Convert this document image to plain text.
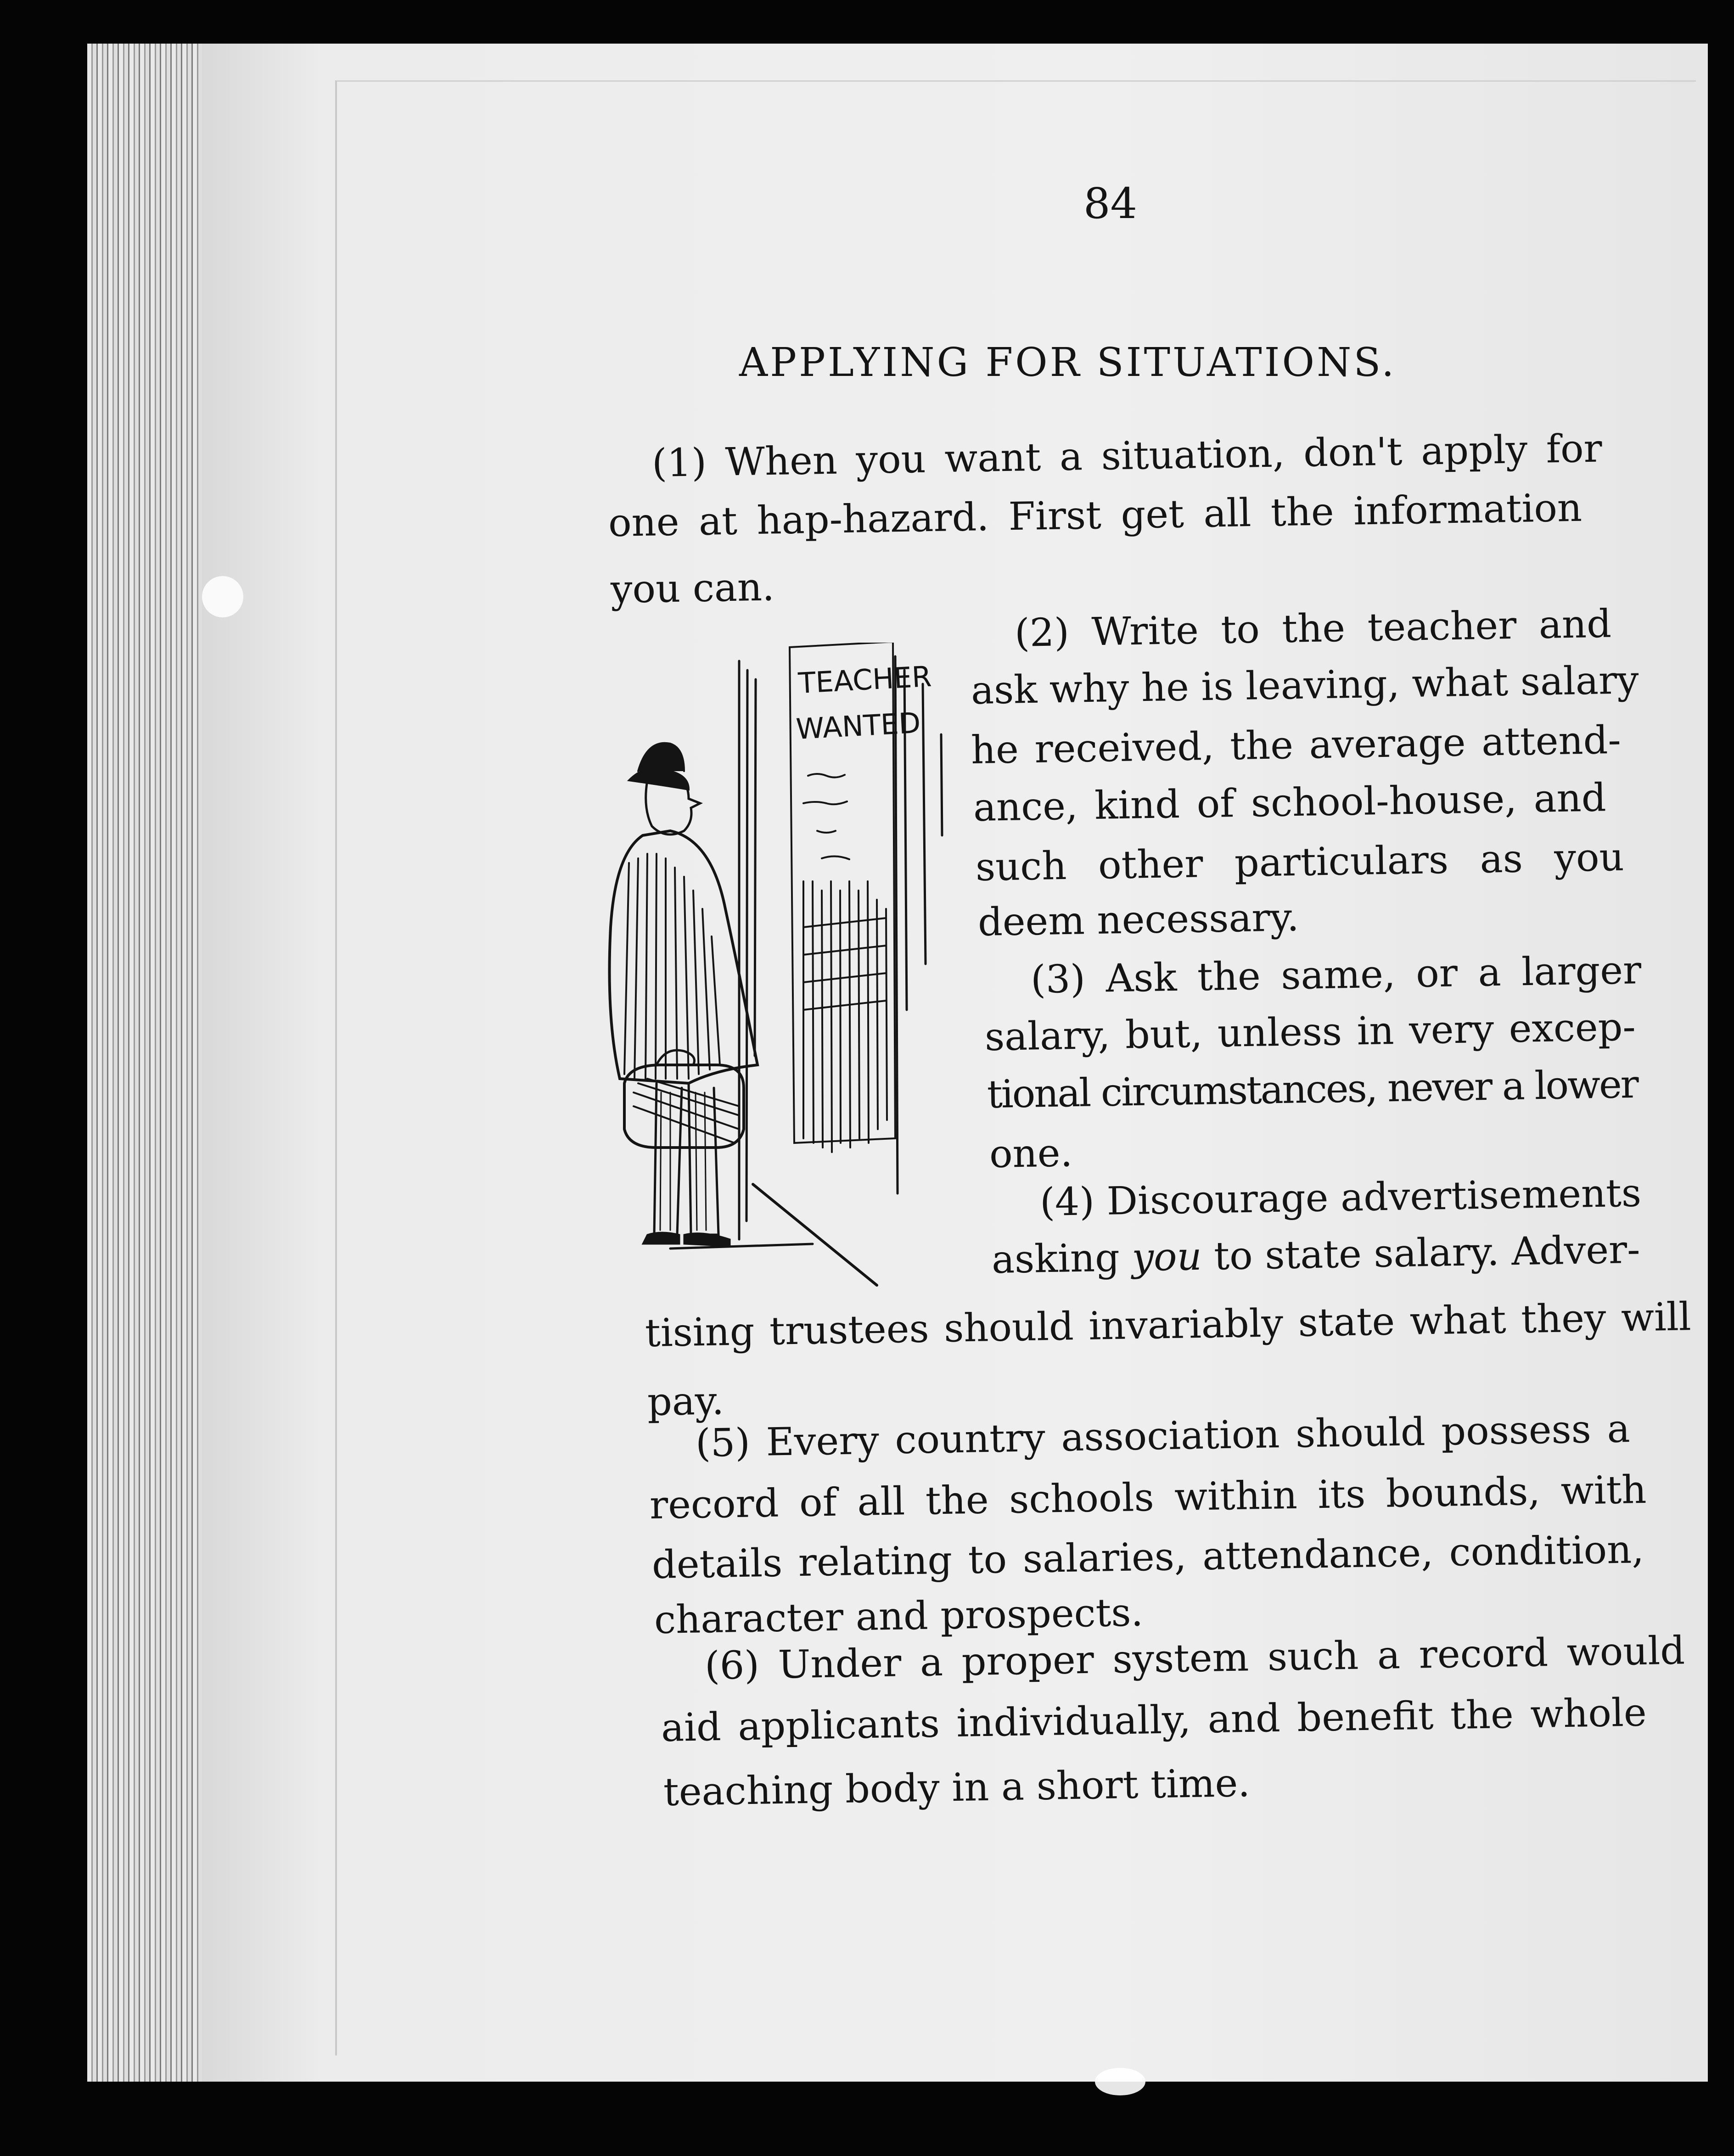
84

APPLYING FOR SITUATIONS.

(1) When you want a situation, don't apply for
one at hap-hazard. First get all the information
you can.
(2) Write to the teacher and
ask why he is leaving, what salary
he received, the average attend-
ance, kind of school-house, and
such other particulars as you
deem necessary.
(3) Ask the same, or a larger
salary, but, unless in very excep-
tional circumstances, never a lower
one.
(4) Discourage advertisements
asking you to state salary. Adver-
tising trustees should invariably state what they will
pay.
(5) Every country association should possess a
record of all the schools within its bounds, with
details relating to salaries, attendance, condition,
character and prospects.
(6) Under a proper system such a record would
aid applicants individually, and benefit the whole
teaching body in a short time.
TEACHER
WANTED
